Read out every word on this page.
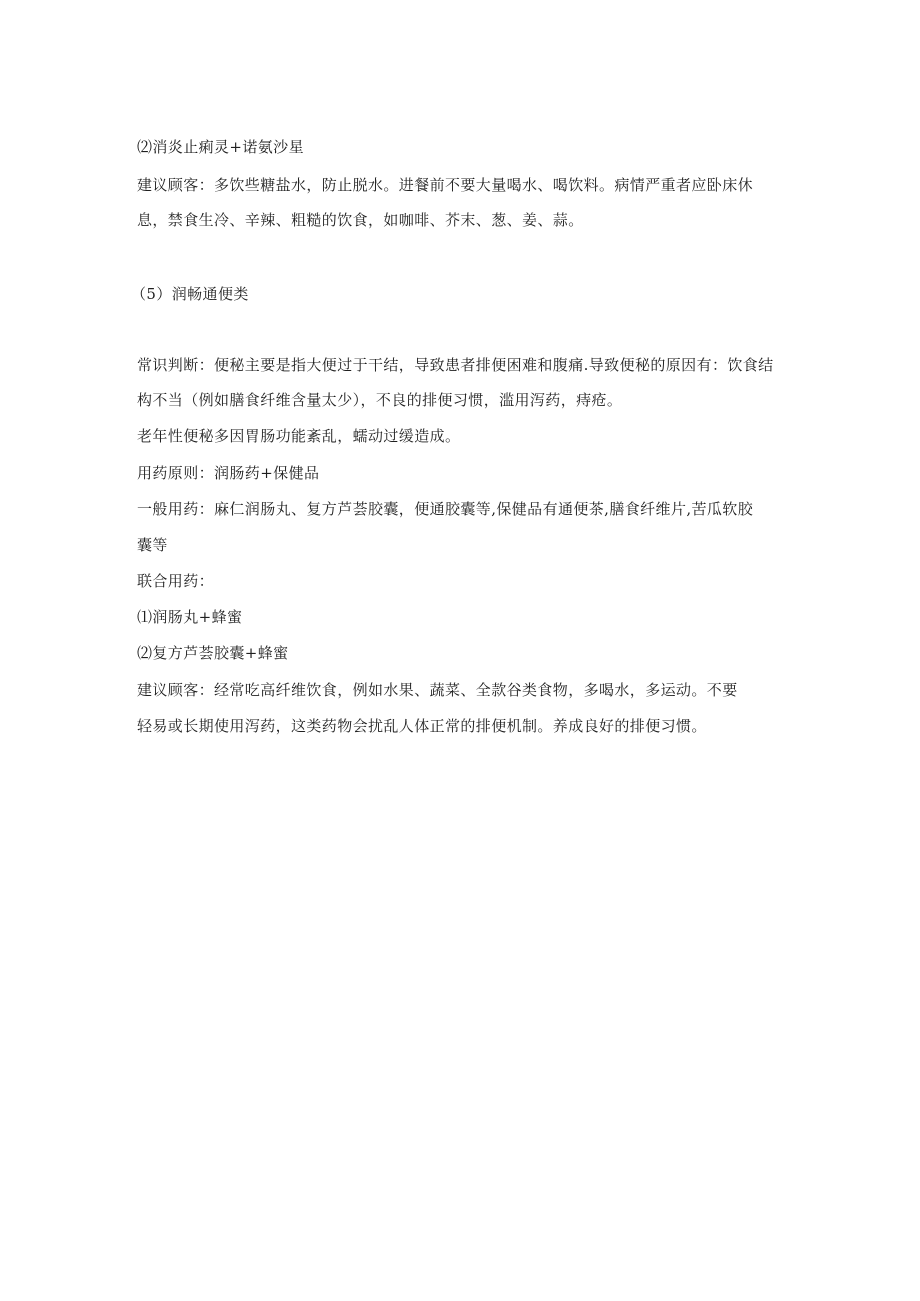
⑵消炎止痢灵+诺氨沙星
建议顾客：多饮些糖盐水，防止脱水。进餐前不要大量喝水、喝饮料。病情严重者应卧床休
息，禁食生冷、辛辣、粗糙的饮食，如咖啡、芥末、葱、姜、蒜。
（5）润畅通便类
常识判断：便秘主要是指大便过于干结，导致患者排便困难和腹痛.导致便秘的原因有：饮食结
构不当（例如膳食纤维含量太少），不良的排便习惯，滥用泻药，痔疮。
老年性便秘多因胃肠功能紊乱，蠕动过缓造成。
用药原则：润肠药+保健品
一般用药：麻仁润肠丸、复方芦荟胶囊，便通胶囊等,保健品有通便茶,膳食纤维片,苦瓜软胶
囊等
联合用药：
⑴润肠丸+蜂蜜
⑵复方芦荟胶囊+蜂蜜
建议顾客：经常吃高纤维饮食，例如水果、蔬菜、全款谷类食物，多喝水，多运动。不要
轻易或长期使用泻药，这类药物会扰乱人体正常的排便机制。养成良好的排便习惯。
